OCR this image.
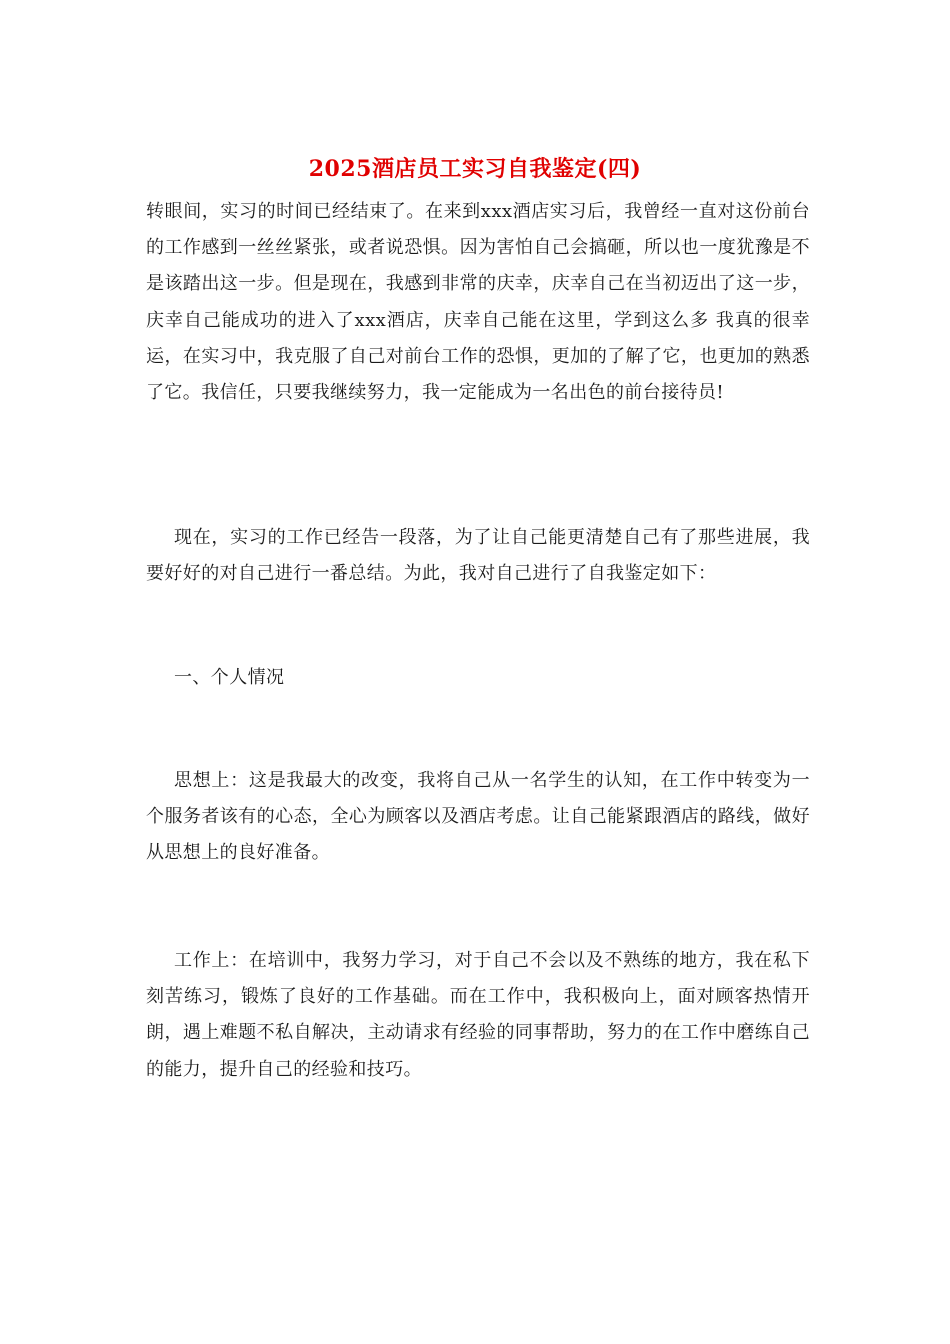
2025酒店员工实习自我鉴定(四)
转眼间，实习的时间已经结束了。在来到xxx酒店实习后，我曾经一直对这份前台的工作感到一丝丝紧张，或者说恐惧。因为害怕自己会搞砸，所以也一度犹豫是不是该踏出这一步。但是现在，我感到非常的庆幸，庆幸自己在当初迈出了这一步，庆幸自己能成功的进入了xxx酒店，庆幸自己能在这里，学到这么多 我真的很幸运，在实习中，我克服了自己对前台工作的恐惧，更加的了解了它，也更加的熟悉了它。我信任，只要我继续努力，我一定能成为一名出色的前台接待员!
现在，实习的工作已经告一段落，为了让自己能更清楚自己有了那些进展，我要好好的对自己进行一番总结。为此，我对自己进行了自我鉴定如下：
一、个人情况
思想上：这是我最大的改变，我将自己从一名学生的认知，在工作中转变为一个服务者该有的心态，全心为顾客以及酒店考虑。让自己能紧跟酒店的路线，做好从思想上的良好准备。
工作上：在培训中，我努力学习，对于自己不会以及不熟练的地方，我在私下刻苦练习，锻炼了良好的工作基础。而在工作中，我积极向上，面对顾客热情开朗，遇上难题不私自解决，主动请求有经验的同事帮助，努力的在工作中磨练自己的能力，提升自己的经验和技巧。
